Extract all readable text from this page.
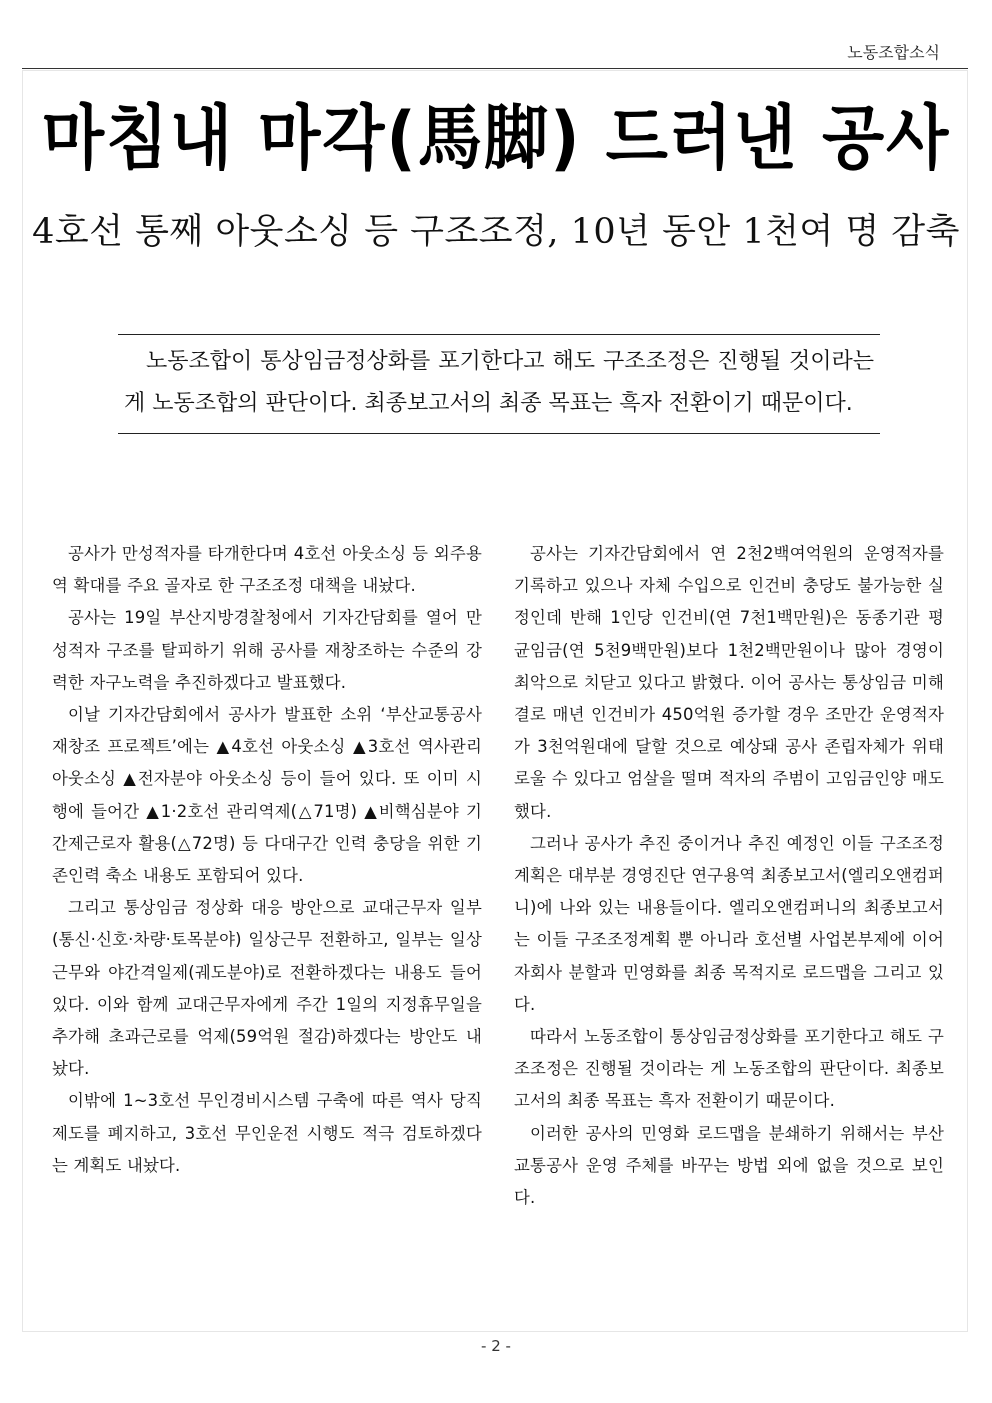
노동조합소식
마침내 마각(馬脚) 드러낸 공사
4호선 통째 아웃소싱 등 구조조정, 10년 동안 1천여 명 감축
노동조합이 통상임금정상화를 포기한다고 해도 구조조정은 진행될 것이라는 게 노동조합의 판단이다. 최종보고서의 최종 목표는 흑자 전환이기 때문이다.

공사가 만성적자를 타개한다며 4호선 아웃소싱 등 외주용역 확대를 주요 골자로 한 구조조정 대책을 내놨다.

공사는 19일 부산지방경찰청에서 기자간담회를 열어 만성적자 구조를 탈피하기 위해 공사를 재창조하는 수준의 강력한 자구노력을 추진하겠다고 발표했다.

이날 기자간담회에서 공사가 발표한 소위 ‘부산교통공사 재창조 프로젝트’에는 ▲4호선 아웃소싱 ▲3호선 역사관리 아웃소싱 ▲전자분야 아웃소싱 등이 들어 있다. 또 이미 시행에 들어간 ▲1·2호선 관리역제(△71명) ▲비핵심분야 기간제근로자 활용(△72명) 등 다대구간 인력 충당을 위한 기존인력 축소 내용도 포함되어 있다.

그리고 통상임금 정상화 대응 방안으로 교대근무자 일부(통신·신호·차량·토목분야) 일상근무 전환하고, 일부는 일상근무와 야간격일제(궤도분야)로 전환하겠다는 내용도 들어 있다. 이와 함께 교대근무자에게 주간 1일의 지정휴무일을 추가해 초과근로를 억제(59억원 절감)하겠다는 방안도 내놨다.

이밖에 1~3호선 무인경비시스템 구축에 따른 역사 당직 제도를 폐지하고, 3호선 무인운전 시행도 적극 검토하겠다는 계획도 내놨다.

공사는 기자간담회에서 연 2천2백여억원의 운영적자를 기록하고 있으나 자체 수입으로 인건비 충당도 불가능한 실정인데 반해 1인당 인건비(연 7천1백만원)은 동종기관 평균임금(연 5천9백만원)보다 1천2백만원이나 많아 경영이 최악으로 치닫고 있다고 밝혔다. 이어 공사는 통상임금 미해결로 매년 인건비가 450억원 증가할 경우 조만간 운영적자가 3천억원대에 달할 것으로 예상돼 공사 존립자체가 위태로울 수 있다고 엄살을 떨며 적자의 주범이 고임금인양 매도했다.

그러나 공사가 추진 중이거나 추진 예정인 이들 구조조정계획은 대부분 경영진단 연구용역 최종보고서(엘리오앤컴퍼니)에 나와 있는 내용들이다. 엘리오앤컴퍼니의 최종보고서는 이들 구조조정계획 뿐 아니라 호선별 사업본부제에 이어 자회사 분할과 민영화를 최종 목적지로 로드맵을 그리고 있다.

따라서 노동조합이 통상임금정상화를 포기한다고 해도 구조조정은 진행될 것이라는 게 노동조합의 판단이다. 최종보고서의 최종 목표는 흑자 전환이기 때문이다.

이러한 공사의 민영화 로드맵을 분쇄하기 위해서는 부산교통공사 운영 주체를 바꾸는 방법 외에 없을 것으로 보인다.

- 2 -
